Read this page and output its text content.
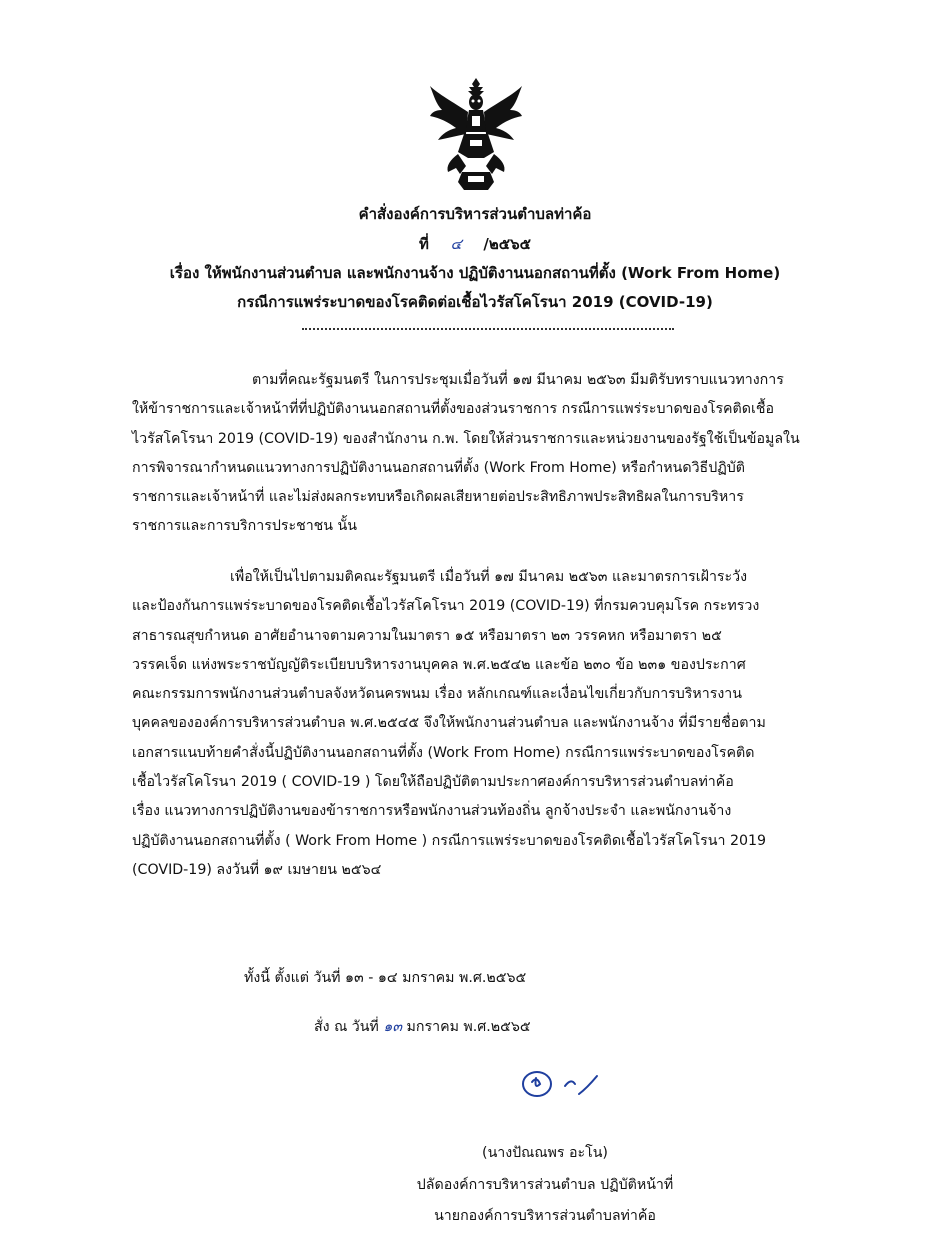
คำสั่งองค์การบริหารส่วนตำบลท่าค้อ
ที่ ๔ /๒๕๖๕
เรื่อง ให้พนักงานส่วนตำบล และพนักงานจ้าง ปฏิบัติงานนอกสถานที่ตั้ง (Work From Home)
กรณีการแพร่ระบาดของโรคติดต่อเชื้อไวรัสโคโรนา 2019 (COVID-19)
ตามที่คณะรัฐมนตรี ในการประชุมเมื่อวันที่ ๑๗ มีนาคม ๒๕๖๓ มีมติรับทราบแนวทางการ
ให้ข้าราชการและเจ้าหน้าที่ที่ปฏิบัติงานนอกสถานที่ตั้งของส่วนราชการ กรณีการแพร่ระบาดของโรคติดเชื้อ
ไวรัสโคโรนา 2019 (COVID-19) ของสำนักงาน ก.พ. โดยให้ส่วนราชการและหน่วยงานของรัฐใช้เป็นข้อมูลใน
การพิจารณากำหนดแนวทางการปฏิบัติงานนอกสถานที่ตั้ง (Work From Home) หรือกำหนดวิธีปฏิบัติ
ราชการและเจ้าหน้าที่ และไม่ส่งผลกระทบหรือเกิดผลเสียหายต่อประสิทธิภาพประสิทธิผลในการบริหาร
ราชการและการบริการประชาชน นั้น
เพื่อให้เป็นไปตามมติคณะรัฐมนตรี เมื่อวันที่ ๑๗ มีนาคม ๒๕๖๓ และมาตรการเฝ้าระวัง
และป้องกันการแพร่ระบาดของโรคติดเชื้อไวรัสโคโรนา 2019 (COVID-19) ที่กรมควบคุมโรค กระทรวง
สาธารณสุขกำหนด อาศัยอำนาจตามความในมาตรา ๑๕ หรือมาตรา ๒๓ วรรคหก หรือมาตรา ๒๕
วรรคเจ็ด แห่งพระราชบัญญัติระเบียบบริหารงานบุคคล พ.ศ.๒๕๔๒ และข้อ ๒๓๐ ข้อ ๒๓๑ ของประกาศ
คณะกรรมการพนักงานส่วนตำบลจังหวัดนครพนม เรื่อง หลักเกณฑ์และเงื่อนไขเกี่ยวกับการบริหารงาน
บุคคลขององค์การบริหารส่วนตำบล พ.ศ.๒๕๔๕ จึงให้พนักงานส่วนตำบล และพนักงานจ้าง ที่มีรายชื่อตาม
เอกสารแนบท้ายคำสั่งนี้ปฏิบัติงานนอกสถานที่ตั้ง (Work From Home) กรณีการแพร่ระบาดของโรคติด
เชื้อไวรัสโคโรนา 2019 ( COVID-19 ) โดยให้ถือปฏิบัติตามประกาศองค์การบริหารส่วนตำบลท่าค้อ
เรื่อง แนวทางการปฏิบัติงานของข้าราชการหรือพนักงานส่วนท้องถิ่น ลูกจ้างประจำ และพนักงานจ้าง
ปฏิบัติงานนอกสถานที่ตั้ง ( Work From Home ) กรณีการแพร่ระบาดของโรคติดเชื้อไวรัสโคโรนา 2019
(COVID-19) ลงวันที่ ๑๙ เมษายน ๒๕๖๔
ทั้งนี้ ตั้งแต่ วันที่ ๑๓ - ๑๔ มกราคม พ.ศ.๒๕๖๕
สั่ง ณ วันที่ ๑๓ มกราคม พ.ศ.๒๕๖๕
(นางปัณณพร อะโน)
ปลัดองค์การบริหารส่วนตำบล ปฏิบัติหน้าที่
นายกองค์การบริหารส่วนตำบลท่าค้อ
